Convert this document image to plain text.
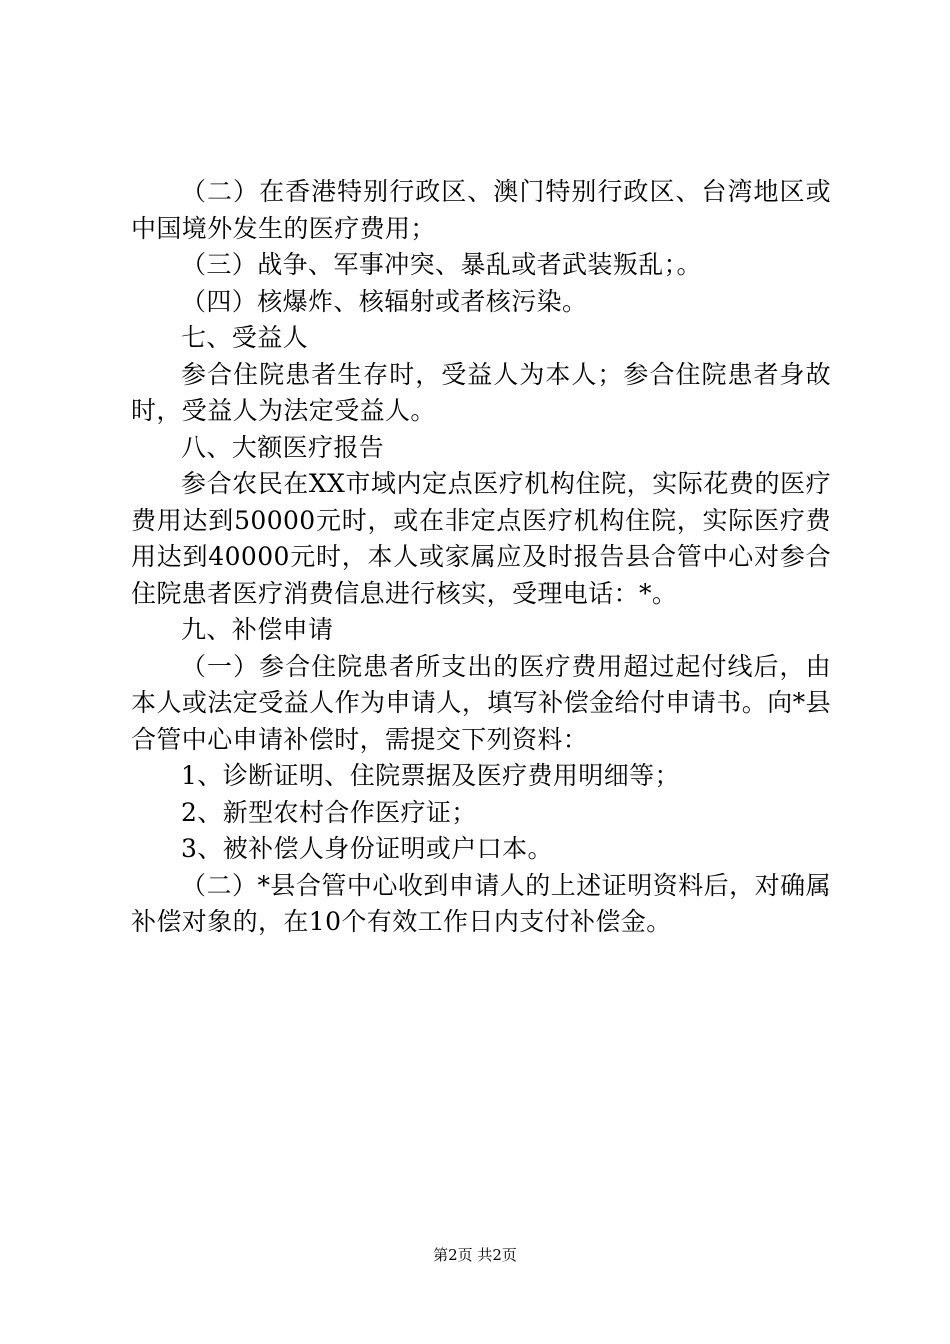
（二）在香港特别行政区、澳门特别行政区、台湾地区或中国境外发生的医疗费用；

（三）战争、军事冲突、暴乱或者武装叛乱；。

（四）核爆炸、核辐射或者核污染。

七、受益人

参合住院患者生存时，受益人为本人；参合住院患者身故时，受益人为法定受益人。

八、大额医疗报告

参合农民在XX市域内定点医疗机构住院，实际花费的医疗费用达到50000元时，或在非定点医疗机构住院，实际医疗费用达到40000元时，本人或家属应及时报告县合管中心对参合住院患者医疗消费信息进行核实，受理电话：*。

九、补偿申请

（一）参合住院患者所支出的医疗费用超过起付线后，由本人或法定受益人作为申请人，填写补偿金给付申请书。向*县合管中心申请补偿时，需提交下列资料：

1、诊断证明、住院票据及医疗费用明细等；

2、新型农村合作医疗证；

3、被补偿人身份证明或户口本。

（二）*县合管中心收到申请人的上述证明资料后，对确属补偿对象的，在10个有效工作日内支付补偿金。

第2页 共2页
